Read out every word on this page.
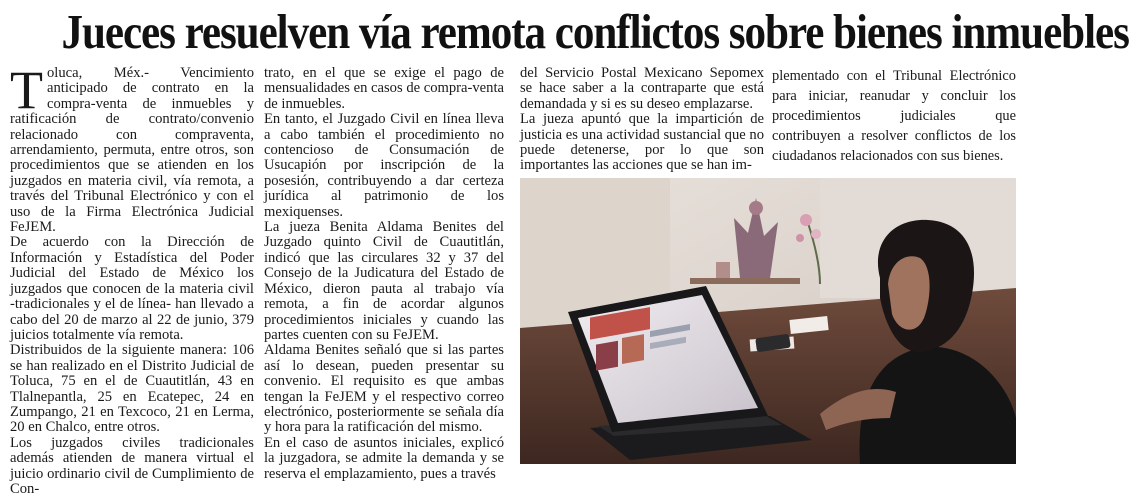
Jueces resuelven vía remota conflictos sobre bienes inmuebles

Toluca, Méx.- Vencimiento anticipado de contrato en la compra-venta de inmuebles y ratificación de contrato/convenio relacionado con compraventa, arrendamiento, permuta, entre otros, son procedimientos que se atienden en los juzgados en materia civil, vía remota, a través del Tribunal Electrónico y con el uso de la Firma Electrónica Judicial FeJEM.

De acuerdo con la Dirección de Información y Estadística del Poder Judicial del Estado de México los juzgados que conocen de la materia civil -tradicionales y el de línea- han llevado a cabo del 20 de marzo al 22 de junio, 379 juicios totalmente vía remota.

Distribuidos de la siguiente manera: 106 se han realizado en el Distrito Judicial de Toluca, 75 en el de Cuautitlán, 43 en Tlalnepantla, 25 en Ecatepec, 24 en Zumpango, 21 en Texcoco, 21 en Lerma, 20 en Chalco, entre otros.

Los juzgados civiles tradicionales además atienden de manera virtual el juicio ordinario civil de Cumplimiento de Con-

trato, en el que se exige el pago de mensualidades en casos de compra-venta de inmuebles.

En tanto, el Juzgado Civil en línea lleva a cabo también el procedimiento no contencioso de Consumación de Usucapión por inscripción de la posesión, contribuyendo a dar certeza jurídica al patrimonio de los mexiquenses.

La jueza Benita Aldama Benites del Juzgado quinto Civil de Cuautitlán, indicó que las circulares 32 y 37 del Consejo de la Judicatura del Estado de México, dieron pauta al trabajo vía remota, a fin de acordar algunos procedimientos iniciales y cuando las partes cuenten con su FeJEM.

Aldama Benites señaló que si las partes así lo desean, pueden presentar su convenio. El requisito es que ambas tengan la FeJEM y el respectivo correo electrónico, posteriormente se señala día y hora para la ratificación del mismo.

En el caso de asuntos iniciales, explicó la juzgadora, se admite la demanda y se reserva el emplazamiento, pues a través

del Servicio Postal Mexicano Sepomex se hace saber a la contraparte que está demandada y si es su deseo emplazarse.

La jueza apuntó que la impartición de justicia es una actividad sustancial que no puede detenerse, por lo que son importantes las acciones que se han im-

plementado con el Tribunal Electrónico para iniciar, reanudar y concluir los procedimientos judiciales que contribuyen a resolver conflictos de los ciudadanos relacionados con sus bienes.
